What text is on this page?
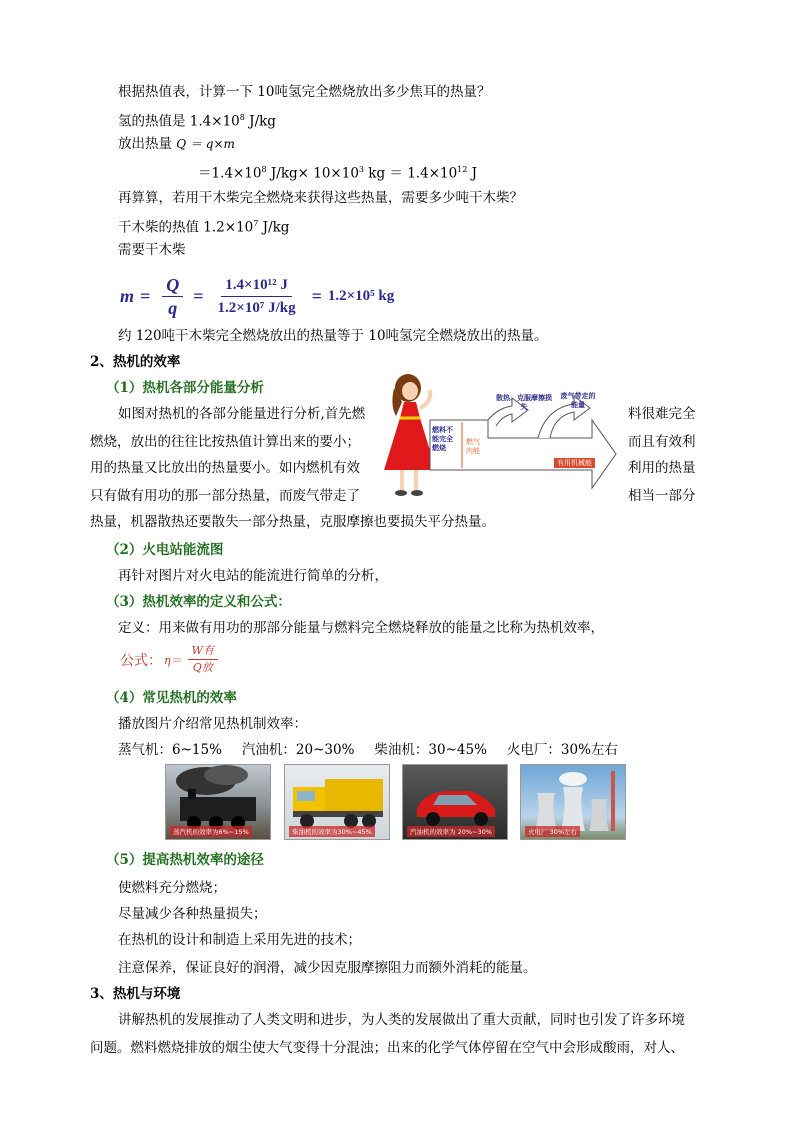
根据热值表，计算一下 10吨氢完全燃烧放出多少焦耳的热量？
氢的热值是 $1.4\times 10^8$ J/kg
放出热量 Q ＝ q×m
$=1.4\times 10^8$ $J/kg\times 10\times 10^3$ kg ＝ $1.4\times 10^{12}$ J
再算算，若用干木柴完全燃烧来获得这些热量，需要多少吨干木柴？
干木柴的热值 $1.2\times 10^7$ J/kg
需要干木柴
$m = \frac{Q}{q} = \frac{\text{1.4×10¹² J}}{\text{1.2×10⁷ J/kg}} = 1.2\times 10^5$ kg
约 120吨干木柴完全燃烧放出的热量等于 10吨氢完全燃烧放出的热量。
2、热机的效率
（1）热机各部分能量分析
如图对热机的各部分能量进行分析,首先燃	料很难完全
燃烧，放出的往往比按热值计算出来的要小；	而且有效利
用的热量又比放出的热量要小。如内燃机有效	利用的热量
只有做有用功的那一部分热量，而废气带走了	相当一部分
热量，机器散热还要散失一部分热量，克服摩擦也要损失平分热量。
燃料不能完全燃烧
燃气内能
散热、克服摩擦损失
废气带走的能量
有用机械能
（2）火电站能流图
再针对图片对火电站的能流进行简单的分析，
（3）热机效率的定义和公式：
定义：用来做有用功的那部分能量与燃料完全燃烧释放的能量之比称为热机效率，
公式： $\eta= \frac{\text{W有}}{\text{Q放}}$
（4）常见热机的效率
播放图片介绍常见热机制效率：
蒸气机：6~15% 汽油机：20~30% 柴油机：30~45% 火电厂：30%左右
蒸汽机的效率为6%~15%	柴油机的效率为30%~45%	汽油机的效率为 20%~30%	火电厂 30%左右
（5）提高热机效率的途径
使燃料充分燃烧；
尽量减少各种热量损失；
在热机的设计和制造上采用先进的技术；
注意保养，保证良好的润滑，减少因克服摩擦阻力而额外消耗的能量。
3、热机与环境
讲解热机的发展推动了人类文明和进步，为人类的发展做出了重大贡献，同时也引发了许多环境
问题。燃料燃烧排放的烟尘使大气变得十分混浊；出来的化学气体停留在空气中会形成酸雨，对人、
